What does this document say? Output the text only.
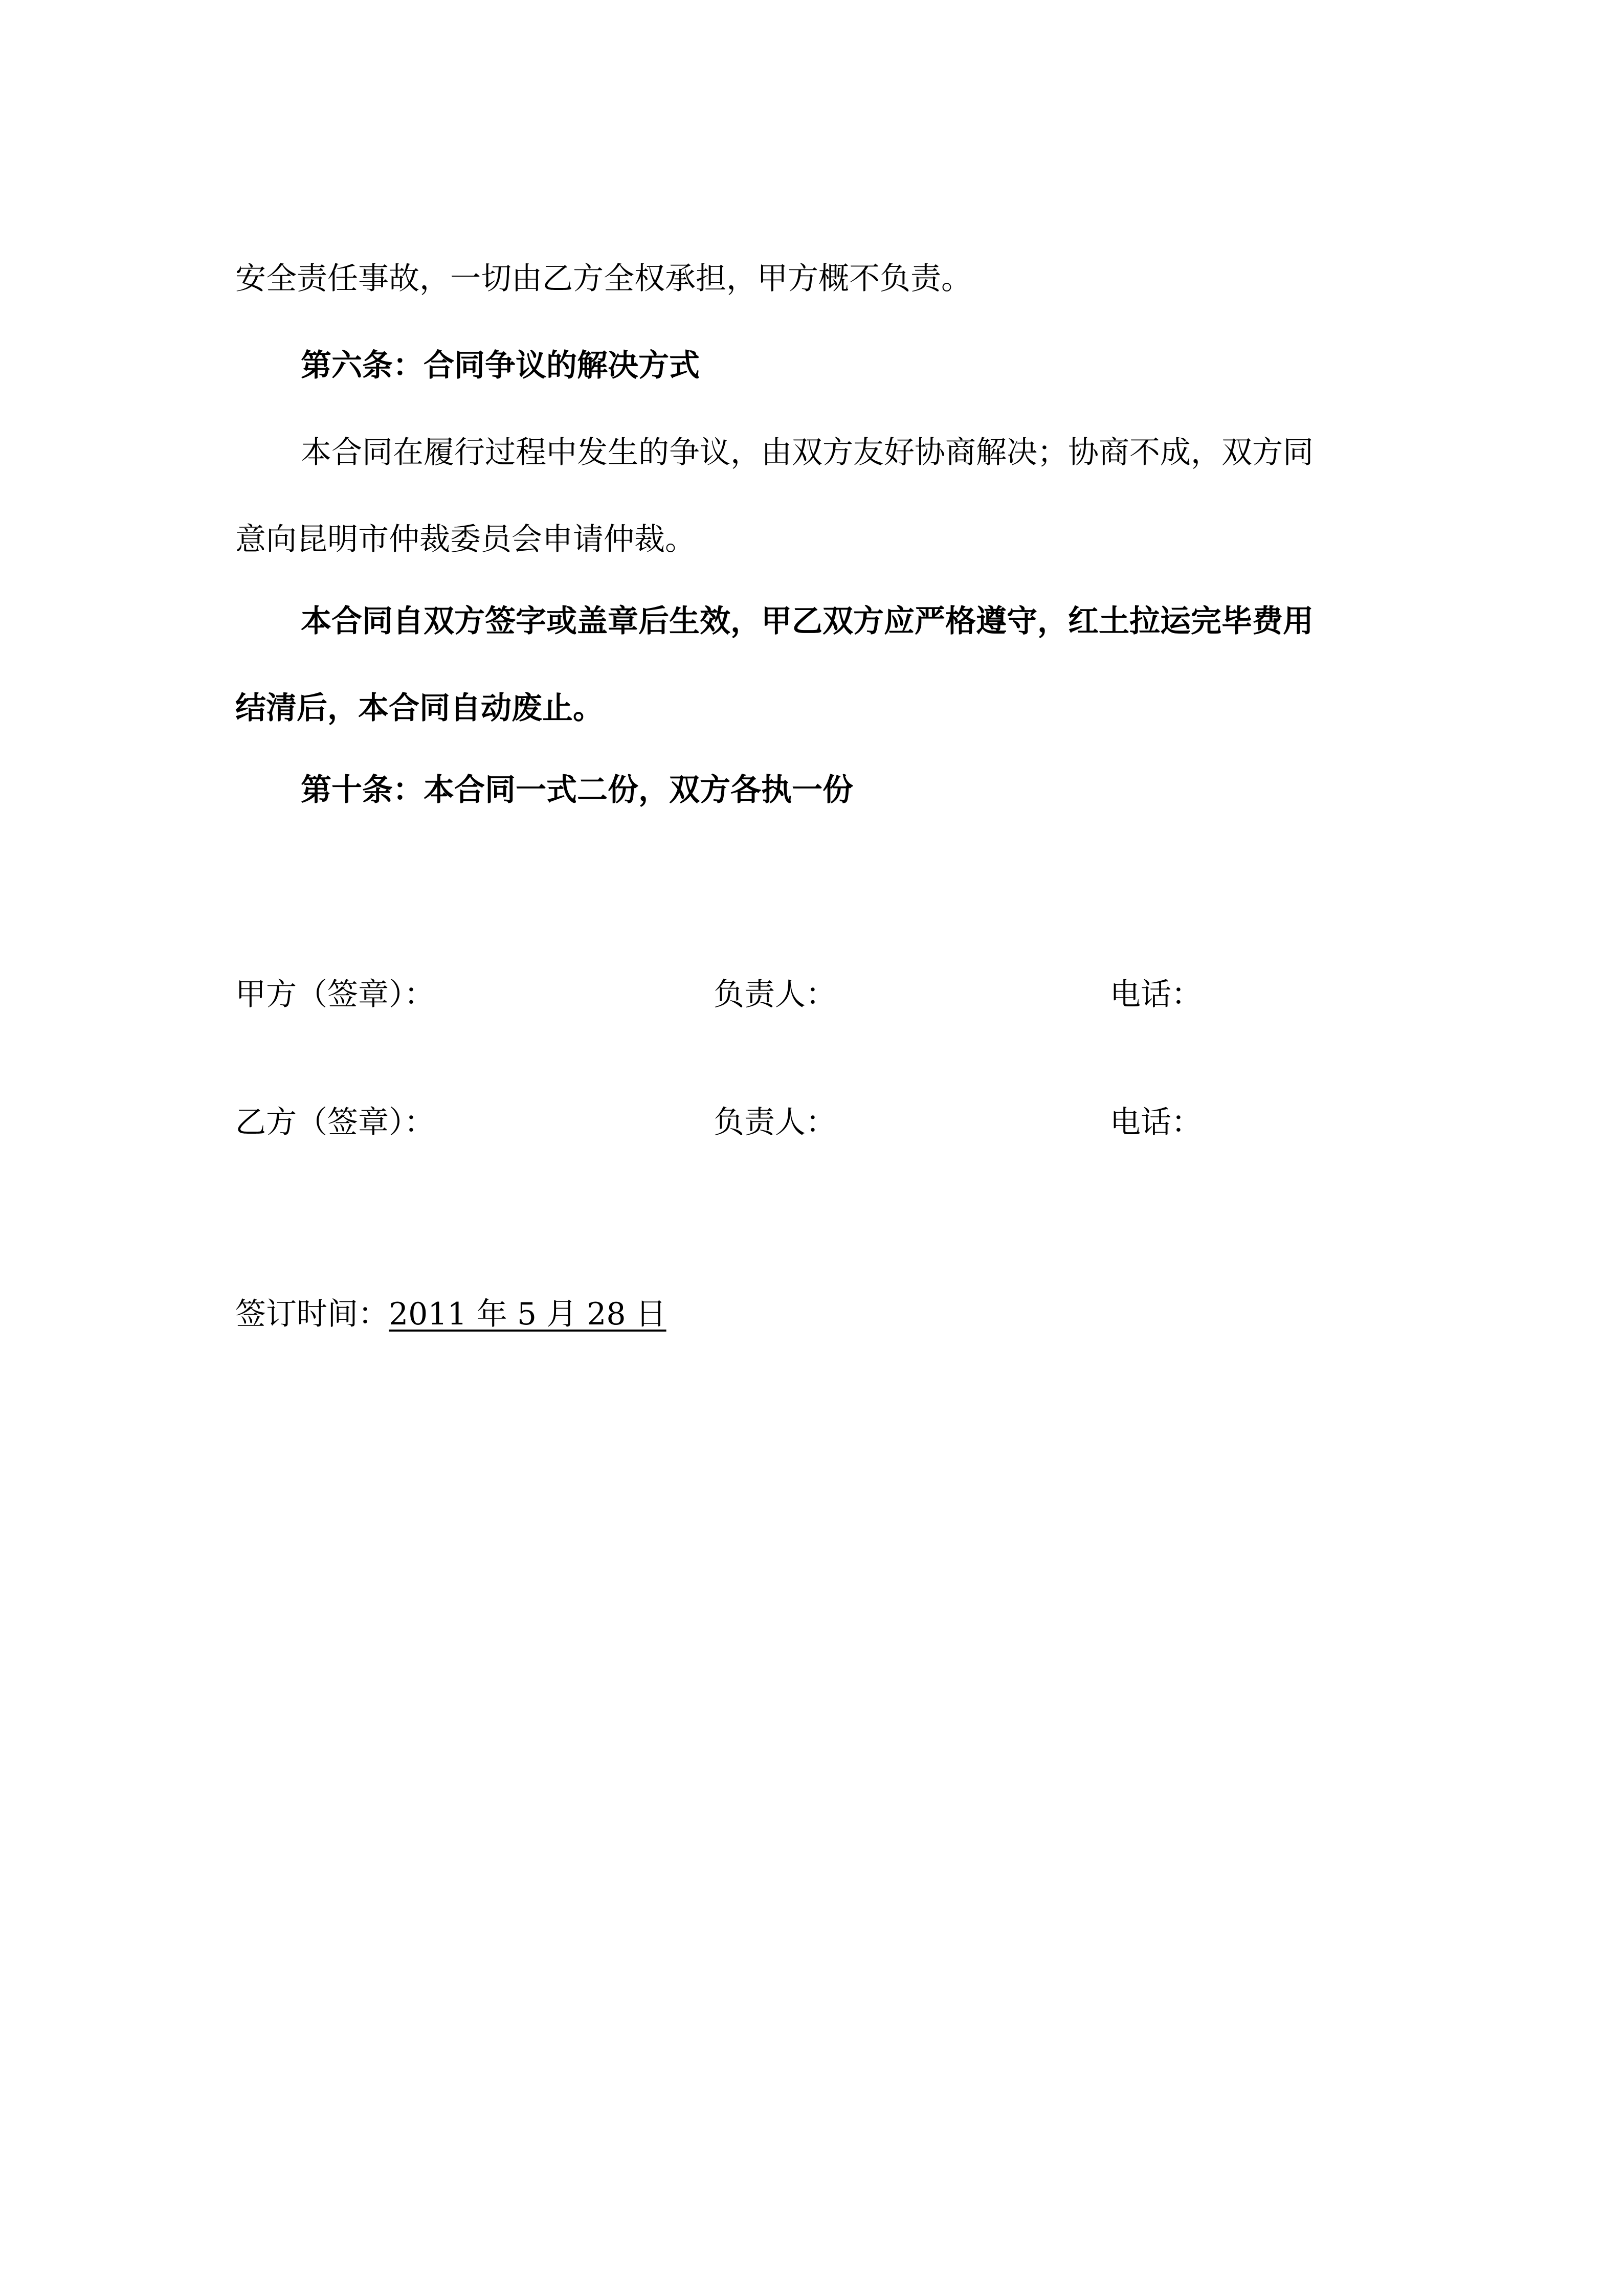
安全责任事故，一切由乙方全权承担，甲方概不负责。

第六条：合同争议的解决方式

本合同在履行过程中发生的争议，由双方友好协商解决；协商不成，双方同
意向昆明市仲裁委员会申请仲裁。

本合同自双方签字或盖章后生效，甲乙双方应严格遵守，红土拉运完毕费用
结清后，本合同自动废止。

第十条：本合同一式二份，双方各执一份

甲方（签章）：	负责人：	电话：
乙方（签章）：	负责人：	电话：
签订时间：2011 年 5 月 28 日
